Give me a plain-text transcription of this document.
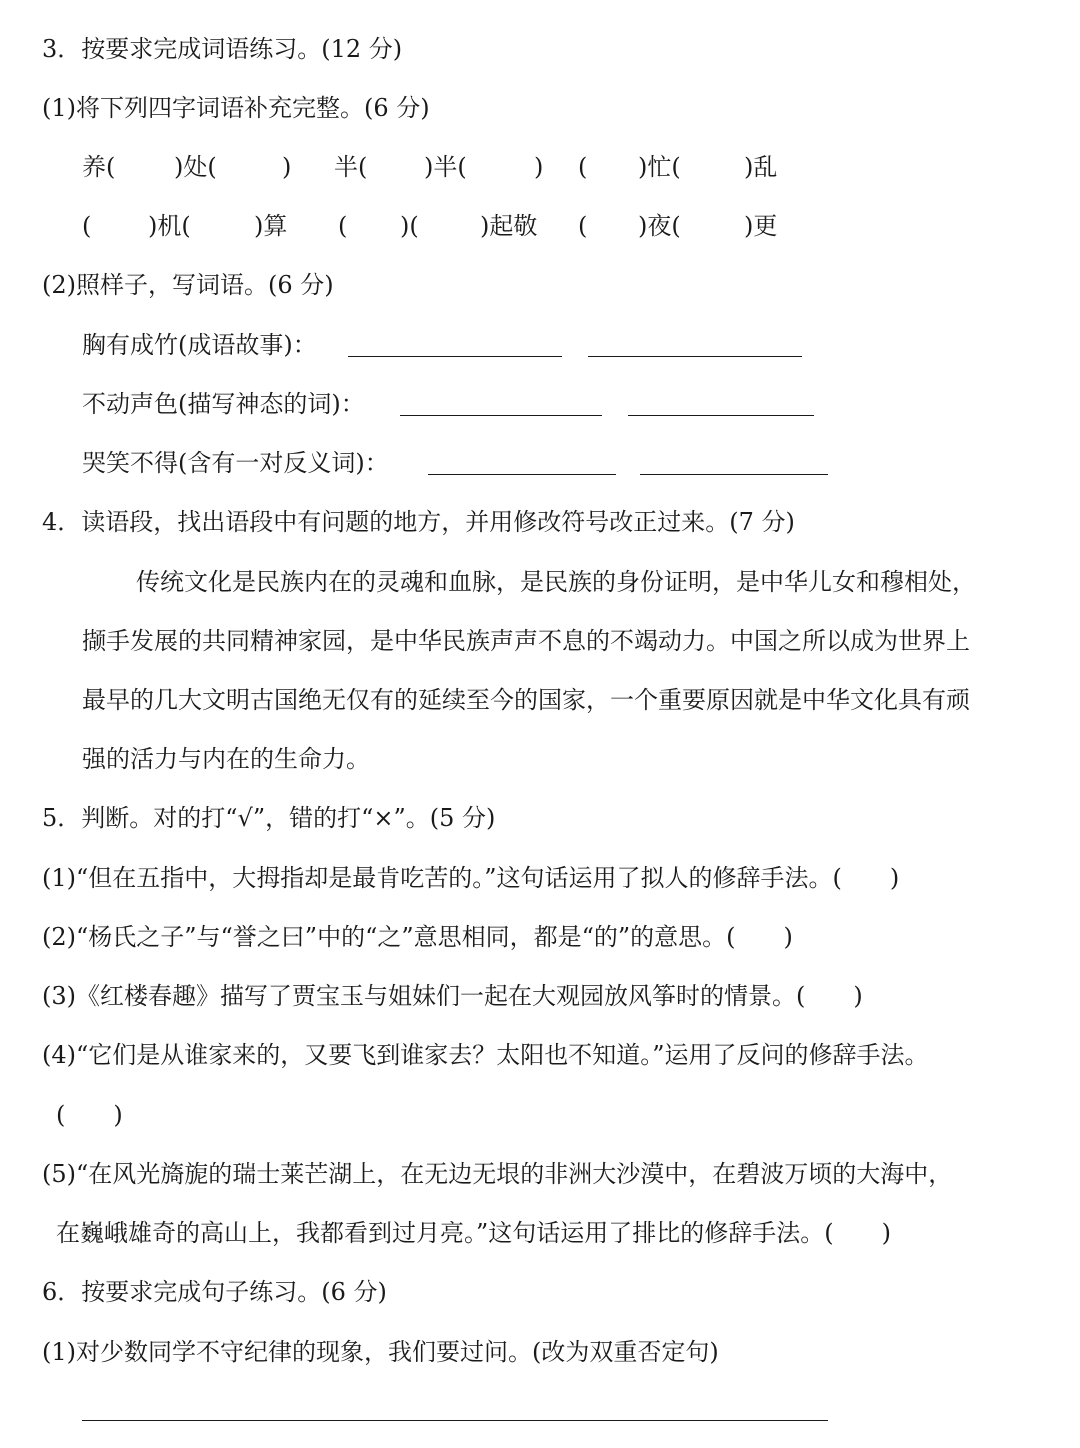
3．按要求完成词语练习。(12 分)
(1)将下列四字词语补充完整。(6 分)
养( )处(	) 半( )半(	) ( )忙(	)乱
( )机(	)算 ( )(	)起敬 ( )夜(	)更
(2)照样子，写词语。(6 分)
胸有成竹(成语故事)：
不动声色(描写神态的词)：
哭笑不得(含有一对反义词)：
4．读语段，找出语段中有问题的地方，并用修改符号改正过来。(7 分)
传统文化是民族内在的灵魂和血脉，是民族的身份证明，是中华儿女和穆相处，
撷手发展的共同精神家园，是中华民族声声不息的不竭动力。中国之所以成为世界上
最早的几大文明古国绝无仅有的延续至今的国家，一个重要原因就是中华文化具有顽
强的活力与内在的生命力。
5．判断。对的打“√”，错的打“×”。(5 分)
(1)“但在五指中，大拇指却是最肯吃苦的。”这句话运用了拟人的修辞手法。(　　)
(2)“杨氏之子”与“誉之曰”中的“之”意思相同，都是“的”的意思。(　　)
(3)《红楼春趣》描写了贾宝玉与姐妹们一起在大观园放风筝时的情景。(　　)
(4)“它们是从谁家来的，又要飞到谁家去？太阳也不知道。”运用了反问的修辞手法。
(　　)
(5)“在风光旖旎的瑞士莱芒湖上，在无边无垠的非洲大沙漠中，在碧波万顷的大海中，
在巍峨雄奇的高山上，我都看到过月亮。”这句话运用了排比的修辞手法。(　　)
6．按要求完成句子练习。(6 分)
(1)对少数同学不守纪律的现象，我们要过问。(改为双重否定句)
